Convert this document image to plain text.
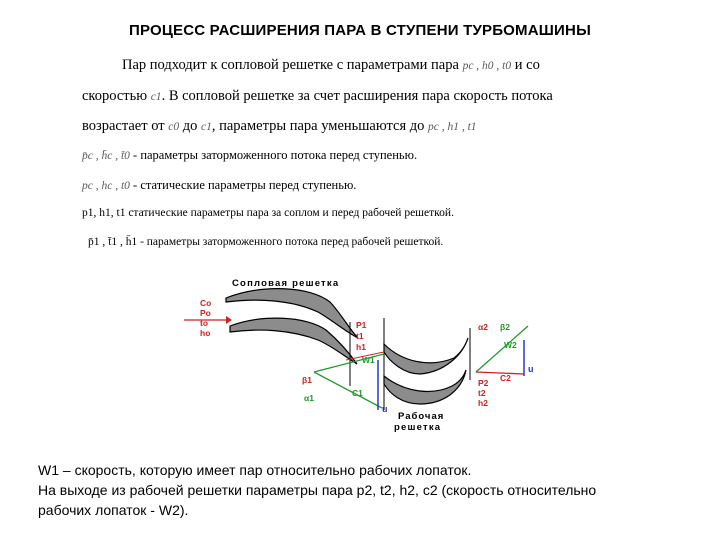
ПРОЦЕСС РАСШИРЕНИЯ ПАРА В СТУПЕНИ ТУРБОМАШИНЫ
Пар подходит к сопловой решетке с параметрами пара pc , h0 , t0 и со
скоростью c1. В сопловой решетке за счет расширения пара скорость потока
возрастает от c0 до c1, параметры пара уменьшаются до pc , h1 , t1
p̄c , h̄c , t̄0 - параметры заторможенного потока перед ступенью.
pc , hc , t0 - статические параметры перед ступенью.
p1, h1, t1 статические параметры пара за соплом и перед рабочей решеткой.
p̄1 , t̄1 , h̄1 - параметры заторможенного потока перед рабочей решеткой.
Сопловая решетка
Co
Po
to
ho
P1
t1
h1
W1
C1
u
β1
α1
W2
C2
u
β2
α2
P2
t2
h2
Рабочая
решетка

W1 – скорость, которую имеет пар относительно рабочих лопаток.

На выходе из рабочей решетки параметры пара p2, t2, h2, c2 (скорость относительно

рабочих лопаток - W2).
